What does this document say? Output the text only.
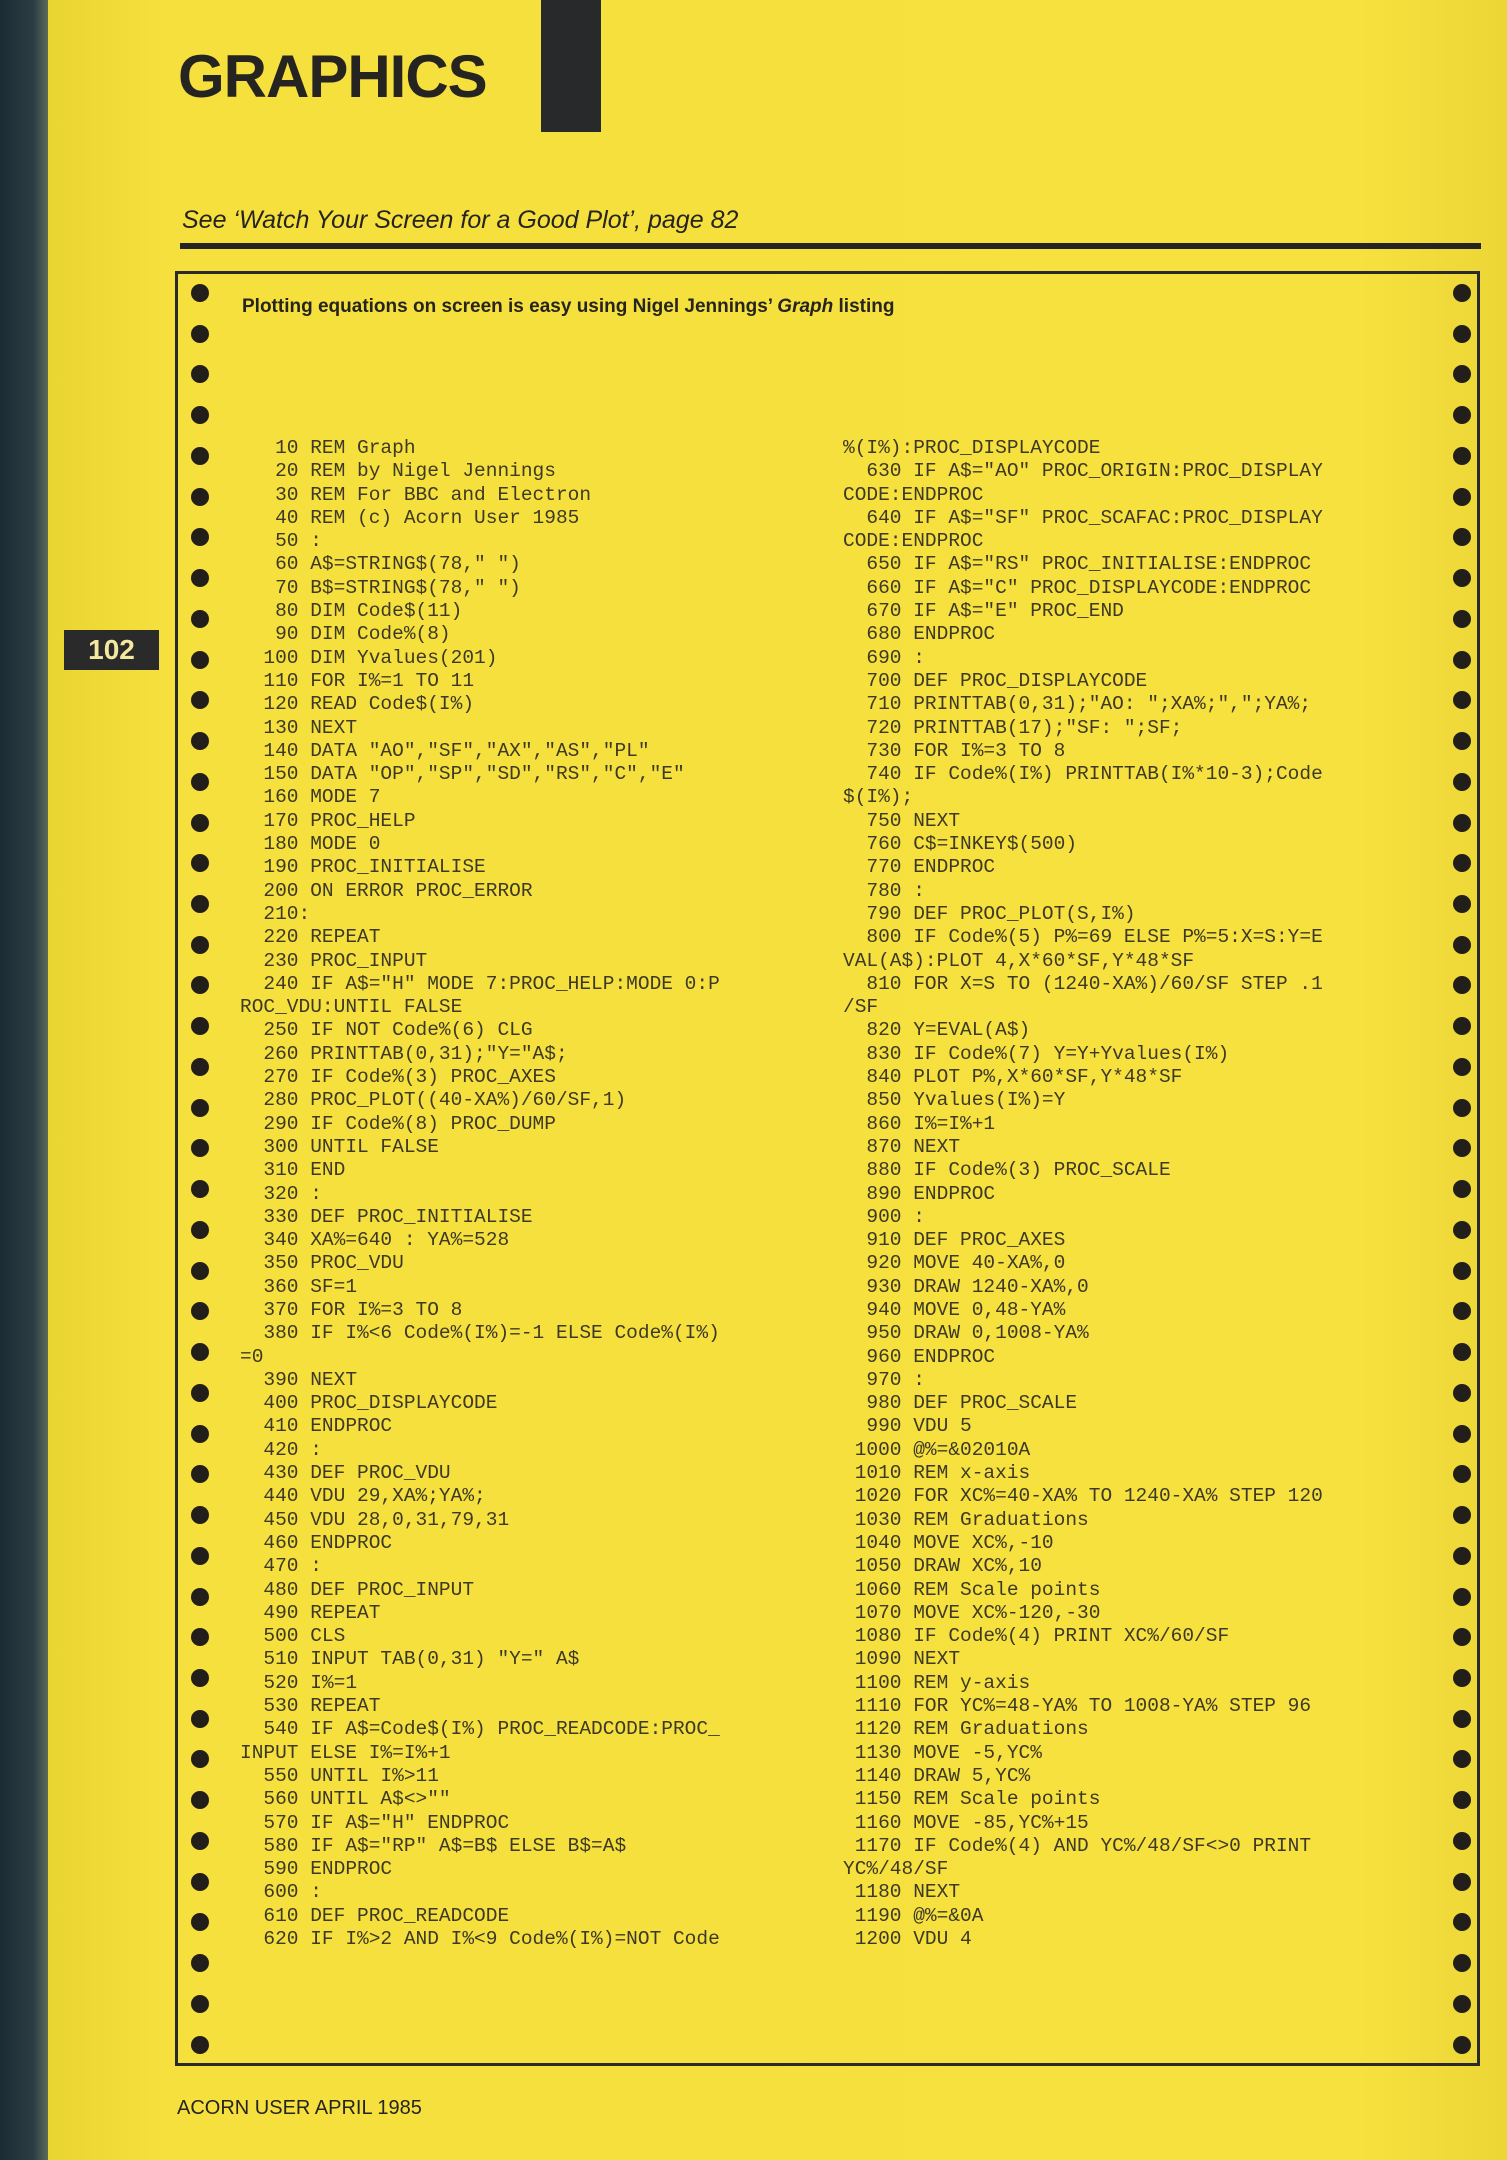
GRAPHICS
102

See ‘Watch Your Screen for a Good Plot’, page 82

Plotting equations on screen is easy using Nigel Jennings’ Graph listing

10 REM Graph
20 REM by Nigel Jennings
30 REM For BBC and Electron
40 REM (c) Acorn User 1985
50 :
60 A$=STRING$(78," ")
70 B$=STRING$(78," ")
80 DIM Code$(11)
90 DIM Code%(8)
100 DIM Yvalues(201)
110 FOR I%=1 TO 11
120 READ Code$(I%)
130 NEXT
140 DATA "AO","SF","AX","AS","PL"
150 DATA "OP","SP","SD","RS","C","E"
160 MODE 7
170 PROC_HELP
180 MODE 0
190 PROC_INITIALISE
200 ON ERROR PROC_ERROR
210:
220 REPEAT
230 PROC_INPUT
240 IF A$="H" MODE 7:PROC_HELP:MODE 0:P
ROC_VDU:UNTIL FALSE
250 IF NOT Code%(6) CLG
260 PRINTTAB(0,31);"Y="A$;
270 IF Code%(3) PROC_AXES
280 PROC_PLOT((40-XA%)/60/SF,1)
290 IF Code%(8) PROC_DUMP
300 UNTIL FALSE
310 END
320 :
330 DEF PROC_INITIALISE
340 XA%=640 : YA%=528
350 PROC_VDU
360 SF=1
370 FOR I%=3 TO 8
380 IF I%<6 Code%(I%)=-1 ELSE Code%(I%)
=0
390 NEXT
400 PROC_DISPLAYCODE
410 ENDPROC
420 :
430 DEF PROC_VDU
440 VDU 29,XA%;YA%;
450 VDU 28,0,31,79,31
460 ENDPROC
470 :
480 DEF PROC_INPUT
490 REPEAT
500 CLS
510 INPUT TAB(0,31) "Y=" A$
520 I%=1
530 REPEAT
540 IF A$=Code$(I%) PROC_READCODE:PROC_
INPUT ELSE I%=I%+1
550 UNTIL I%>11
560 UNTIL A$<>""
570 IF A$="H" ENDPROC
580 IF A$="RP" A$=B$ ELSE B$=A$
590 ENDPROC
600 :
610 DEF PROC_READCODE
620 IF I%>2 AND I%<9 Code%(I%)=NOT Code
%(I%):PROC_DISPLAYCODE
630 IF A$="AO" PROC_ORIGIN:PROC_DISPLAY
CODE:ENDPROC
640 IF A$="SF" PROC_SCAFAC:PROC_DISPLAY
CODE:ENDPROC
650 IF A$="RS" PROC_INITIALISE:ENDPROC
660 IF A$="C" PROC_DISPLAYCODE:ENDPROC
670 IF A$="E" PROC_END
680 ENDPROC
690 :
700 DEF PROC_DISPLAYCODE
710 PRINTTAB(0,31);"AO: ";XA%;",";YA%;
720 PRINTTAB(17);"SF: ";SF;
730 FOR I%=3 TO 8
740 IF Code%(I%) PRINTTAB(I%*10-3);Code
$(I%);
750 NEXT
760 C$=INKEY$(500)
770 ENDPROC
780 :
790 DEF PROC_PLOT(S,I%)
800 IF Code%(5) P%=69 ELSE P%=5:X=S:Y=E
VAL(A$):PLOT 4,X*60*SF,Y*48*SF
810 FOR X=S TO (1240-XA%)/60/SF STEP .1
/SF
820 Y=EVAL(A$)
830 IF Code%(7) Y=Y+Yvalues(I%)
840 PLOT P%,X*60*SF,Y*48*SF
850 Yvalues(I%)=Y
860 I%=I%+1
870 NEXT
880 IF Code%(3) PROC_SCALE
890 ENDPROC
900 :
910 DEF PROC_AXES
920 MOVE 40-XA%,0
930 DRAW 1240-XA%,0
940 MOVE 0,48-YA%
950 DRAW 0,1008-YA%
960 ENDPROC
970 :
980 DEF PROC_SCALE
990 VDU 5
1000 @%=&02010A
1010 REM x-axis
1020 FOR XC%=40-XA% TO 1240-XA% STEP 120
1030 REM Graduations
1040 MOVE XC%,-10
1050 DRAW XC%,10
1060 REM Scale points
1070 MOVE XC%-120,-30
1080 IF Code%(4) PRINT XC%/60/SF
1090 NEXT
1100 REM y-axis
1110 FOR YC%=48-YA% TO 1008-YA% STEP 96
1120 REM Graduations
1130 MOVE -5,YC%
1140 DRAW 5,YC%
1150 REM Scale points
1160 MOVE -85,YC%+15
1170 IF Code%(4) AND YC%/48/SF<>0 PRINT
YC%/48/SF
1180 NEXT
1190 @%=&0A
1200 VDU 4

ACORN USER APRIL 1985
